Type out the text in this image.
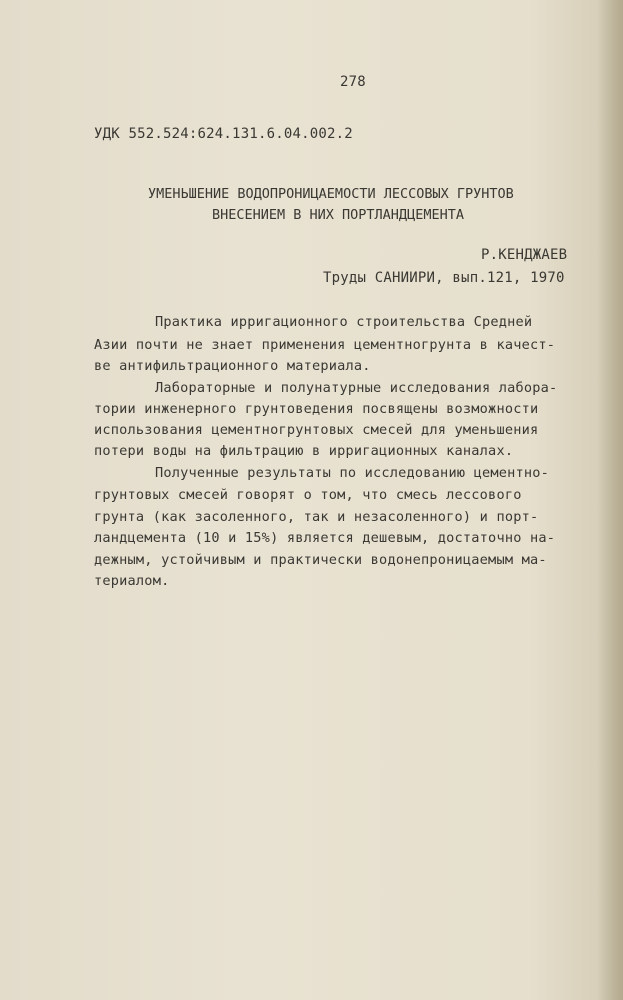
278
УДК 552.524:624.131.6.04.002.2
УМЕНЬШЕНИЕ ВОДОПРОНИЦАЕМОСТИ ЛЕССОВЫХ ГРУНТОВ
ВНЕСЕНИЕМ В НИХ ПОРТЛАНДЦЕМЕНТА
Р.КЕНДЖАЕВ
Труды САНИИРИ, вып.121, 1970
Практика ирригационного строительства Средней
Азии почти не знает применения цементногрунта в качест-
ве антифильтрационного материала.
Лабораторные и полунатурные исследования лабора-
тории инженерного грунтоведения посвящены возможности
использования цементногрунтовых смесей для уменьшения
потери воды на фильтрацию в ирригационных каналах.
Полученные результаты по исследованию цементно-
грунтовых смесей говорят о том, что смесь лессового
грунта (как засоленного, так и незасоленного) и порт-
ландцемента (10 и 15%) является дешевым, достаточно на-
дежным, устойчивым и практически водонепроницаемым ма-
териалом.
